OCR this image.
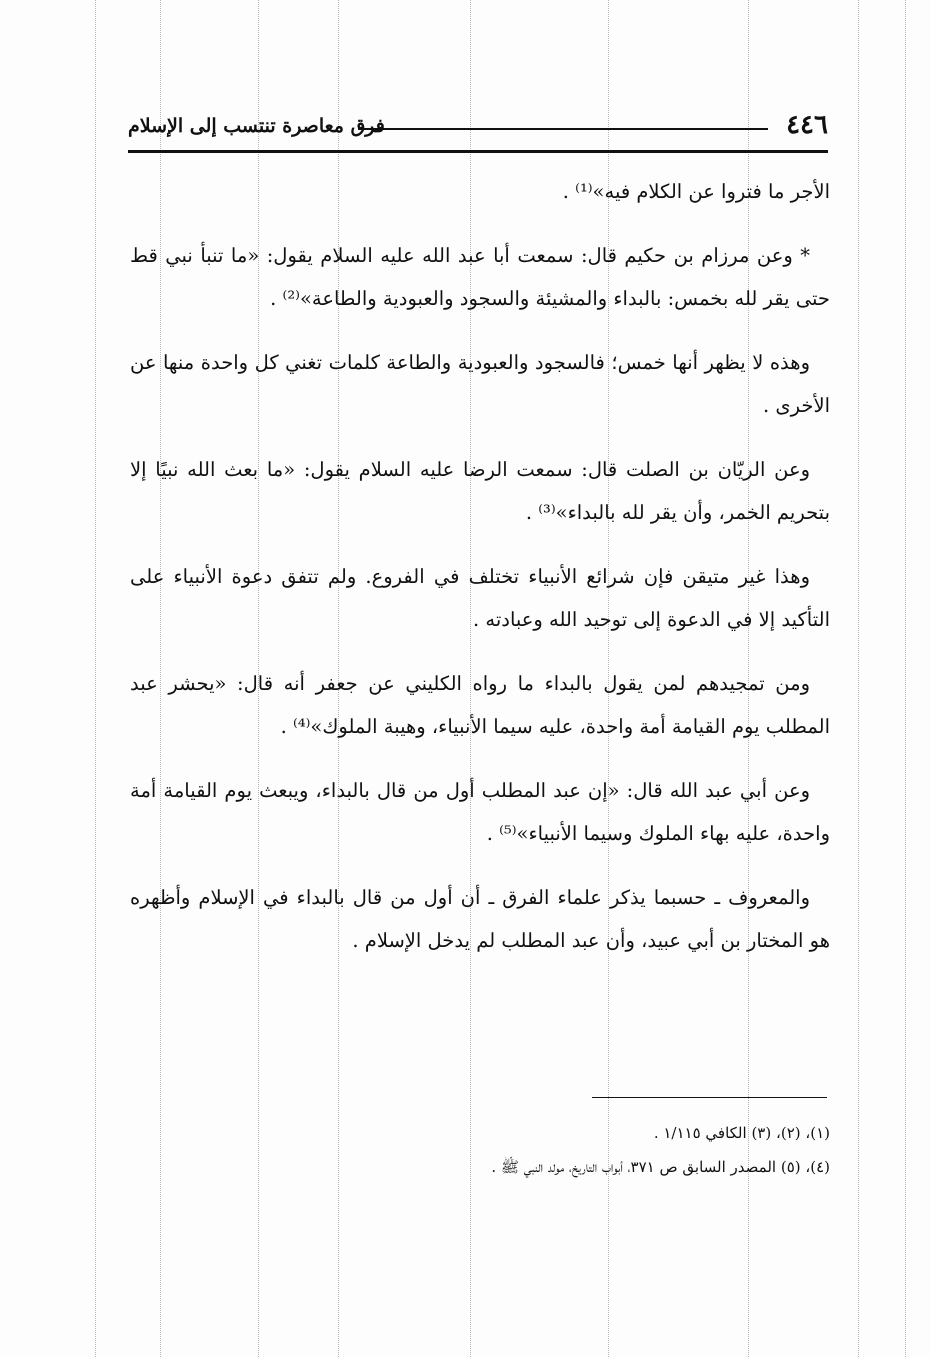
٤٤٦
فرق معاصرة تنتسب إلى الإسلام

الأجر ما فتروا عن الكلام فيه»⁽¹⁾ .

* وعن مرزام بن حكيم قال: سمعت أبا عبد الله عليه السلام يقول: «ما تنبأ نبي قط حتى يقر لله بخمس: بالبداء والمشيئة والسجود والعبودية والطاعة»⁽²⁾ .

وهذه لا يظهر أنها خمس؛ فالسجود والعبودية والطاعة كلمات تغني كل واحدة منها عن الأخرى .

وعن الريّان بن الصلت قال: سمعت الرضا عليه السلام يقول: «ما بعث الله نبيًا إلا بتحريم الخمر، وأن يقر لله بالبداء»⁽³⁾ .

وهذا غير متيقن فإن شرائع الأنبياء تختلف في الفروع. ولم تتفق دعوة الأنبياء على التأكيد إلا في الدعوة إلى توحيد الله وعبادته .

ومن تمجيدهم لمن يقول بالبداء ما رواه الكليني عن جعفر أنه قال: «يحشر عبد المطلب يوم القيامة أمة واحدة، عليه سيما الأنبياء، وهيبة الملوك»⁽⁴⁾ .

وعن أبي عبد الله قال: «إن عبد المطلب أول من قال بالبداء، ويبعث يوم القيامة أمة واحدة، عليه بهاء الملوك وسيما الأنبياء»⁽⁵⁾ .

والمعروف ـ حسبما يذكر علماء الفرق ـ أن أول من قال بالبداء في الإسلام وأظهره هو المختار بن أبي عبيد، وأن عبد المطلب لم يدخل الإسلام .

(١)، (٢)، (٣) الكافي ١/١١٥ .

(٤)، (٥) المصدر السابق ص ٣٧١، أبواب التاريخ، مولد النبي ﷺ .
